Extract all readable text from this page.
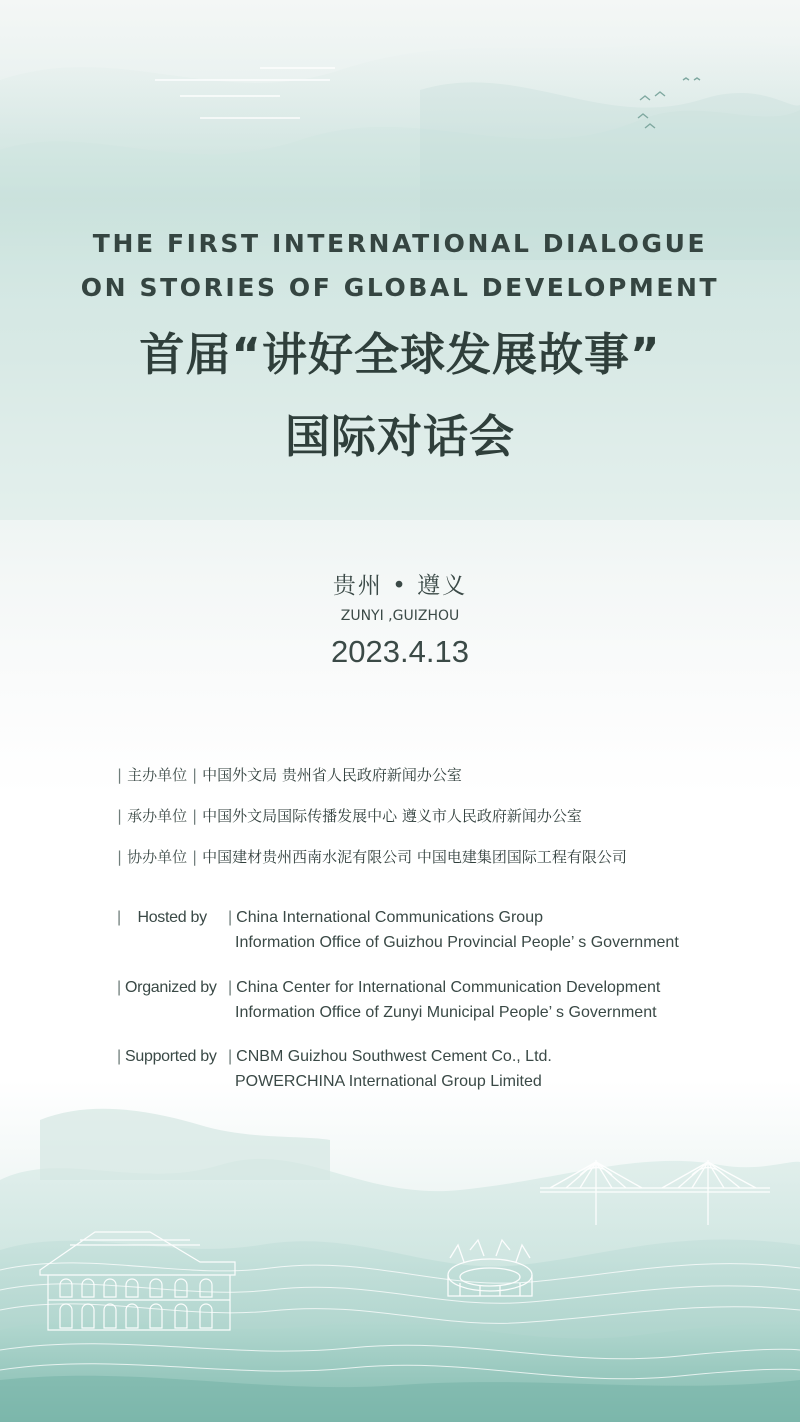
THE FIRST INTERNATIONAL DIALOGUE
ON STORIES OF GLOBAL DEVELOPMENT
首届“讲好全球发展故事”
国际对话会
贵州 • 遵义
ZUNYI ,GUIZHOU
2023.4.13
| 主办单位 | 中国外文局 贵州省人民政府新闻办公室
| 承办单位 | 中国外文局国际传播发展中心 遵义市人民政府新闻办公室
| 协办单位 | 中国建材贵州西南水泥有限公司 中国电建集团国际工程有限公司
| Hosted by | China International Communications Group
Information Office of Guizhou Provincial People’ s Government
| Organized by | China Center for International Communication Development
Information Office of Zunyi Municipal People’ s Government
| Supported by | CNBM Guizhou Southwest Cement Co., Ltd.
POWERCHINA International Group Limited
